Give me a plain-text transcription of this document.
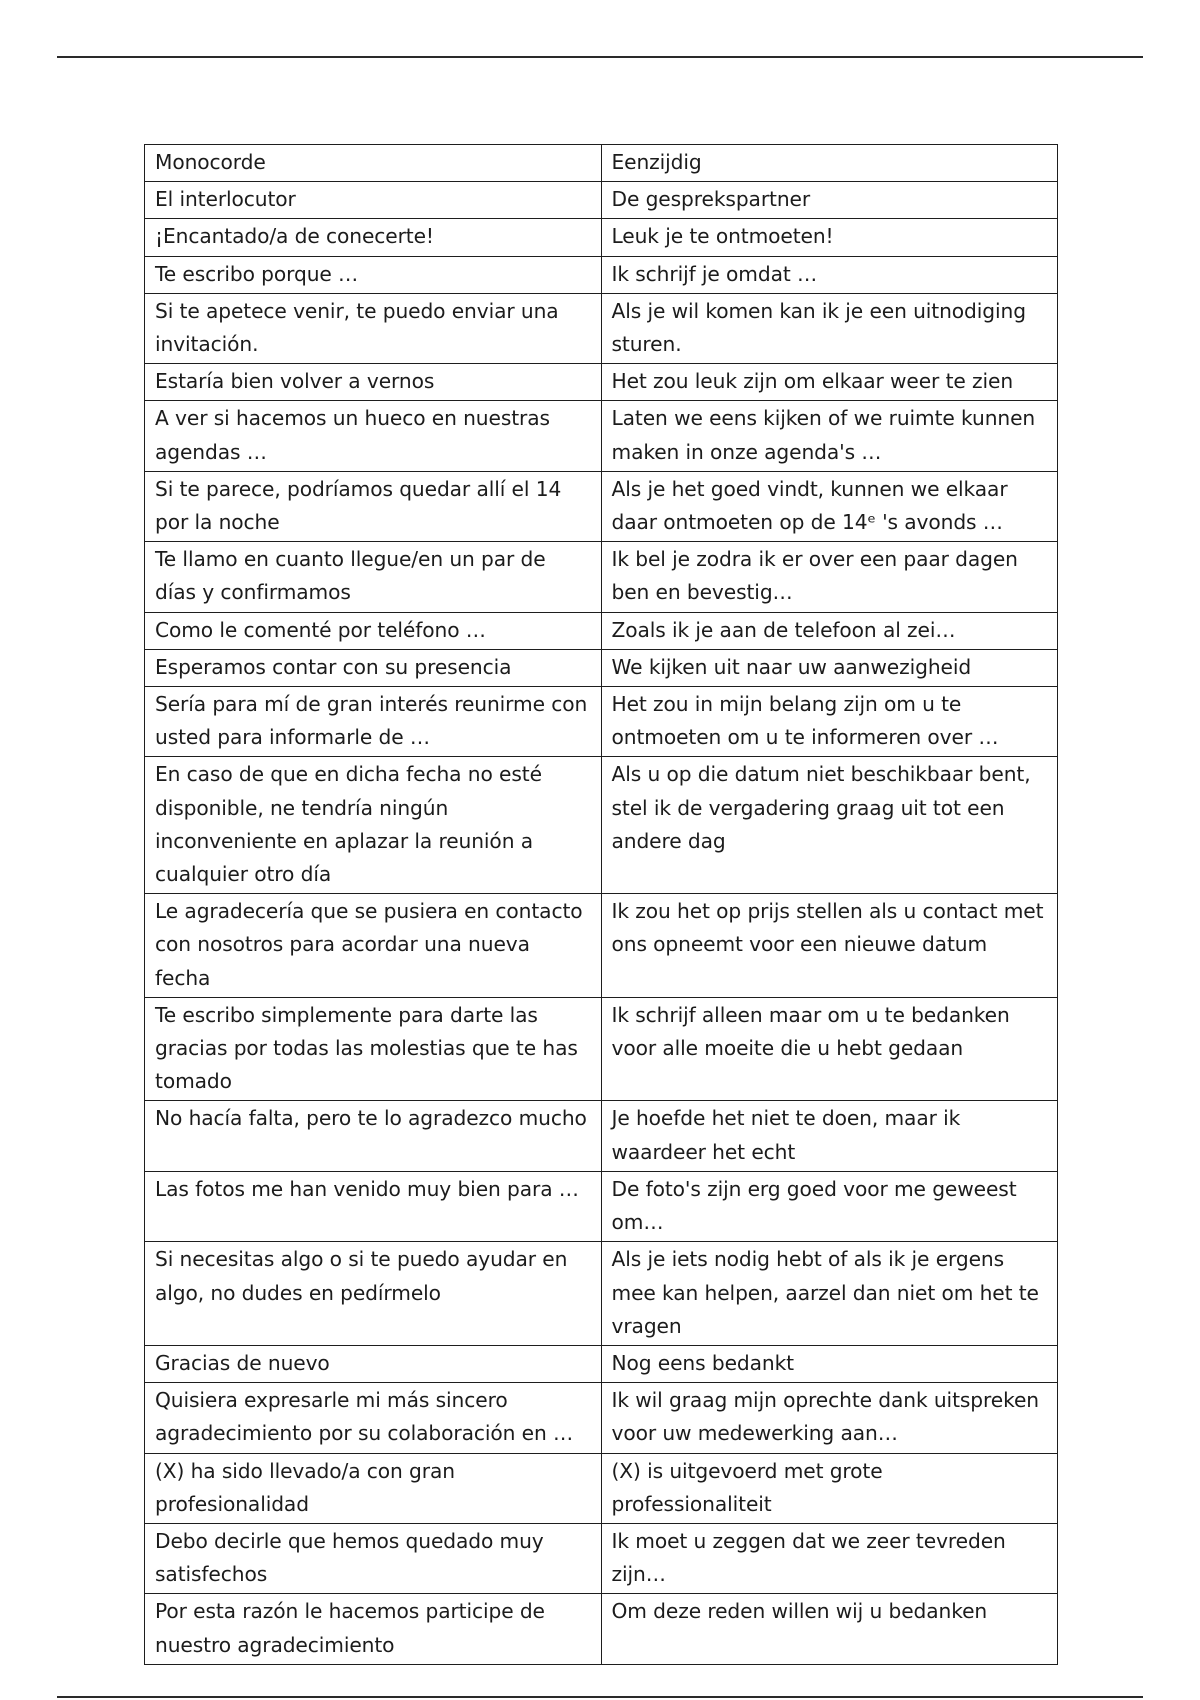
Monocorde	Eenzijdig
El interlocutor	De gesprekspartner
¡Encantado/a de conecerte!	Leuk je te ontmoeten!
Te escribo porque …	Ik schrijf je omdat …
Si te apetece venir, te puedo enviar una invitación.	Als je wil komen kan ik je een uitnodiging sturen.
Estaría bien volver a vernos	Het zou leuk zijn om elkaar weer te zien
A ver si hacemos un hueco en nuestras agendas …	Laten we eens kijken of we ruimte kunnen maken in onze agenda's …
Si te parece, podríamos quedar allí el 14 por la noche	Als je het goed vindt, kunnen we elkaar daar ontmoeten op de 14ᵉ 's avonds …
Te llamo en cuanto llegue/en un par de días y confirmamos	Ik bel je zodra ik er over een paar dagen ben en bevestig…
Como le comenté por teléfono …	Zoals ik je aan de telefoon al zei…
Esperamos contar con su presencia	We kijken uit naar uw aanwezigheid
Sería para mí de gran interés reunirme con usted para informarle de …	Het zou in mijn belang zijn om u te ontmoeten om u te informeren over …
En caso de que en dicha fecha no esté disponible, ne tendría ningún inconveniente en aplazar la reunión a cualquier otro día	Als u op die datum niet beschikbaar bent, stel ik de vergadering graag uit tot een andere dag
Le agradecería que se pusiera en contacto con nosotros para acordar una nueva fecha	Ik zou het op prijs stellen als u contact met ons opneemt voor een nieuwe datum
Te escribo simplemente para darte las gracias por todas las molestias que te has tomado	Ik schrijf alleen maar om u te bedanken voor alle moeite die u hebt gedaan
No hacía falta, pero te lo agradezco mucho	Je hoefde het niet te doen, maar ik waardeer het echt
Las fotos me han venido muy bien para …	De foto's zijn erg goed voor me geweest om…
Si necesitas algo o si te puedo ayudar en algo, no dudes en pedírmelo	Als je iets nodig hebt of als ik je ergens mee kan helpen, aarzel dan niet om het te vragen
Gracias de nuevo	Nog eens bedankt
Quisiera expresarle mi más sincero agradecimiento por su colaboración en …	Ik wil graag mijn oprechte dank uitspreken voor uw medewerking aan…
(X) ha sido llevado/a con gran profesionalidad	(X) is uitgevoerd met grote professionaliteit
Debo decirle que hemos quedado muy satisfechos	Ik moet u zeggen dat we zeer tevreden zijn…
Por esta razón le hacemos participe de nuestro agradecimiento	Om deze reden willen wij u bedanken
